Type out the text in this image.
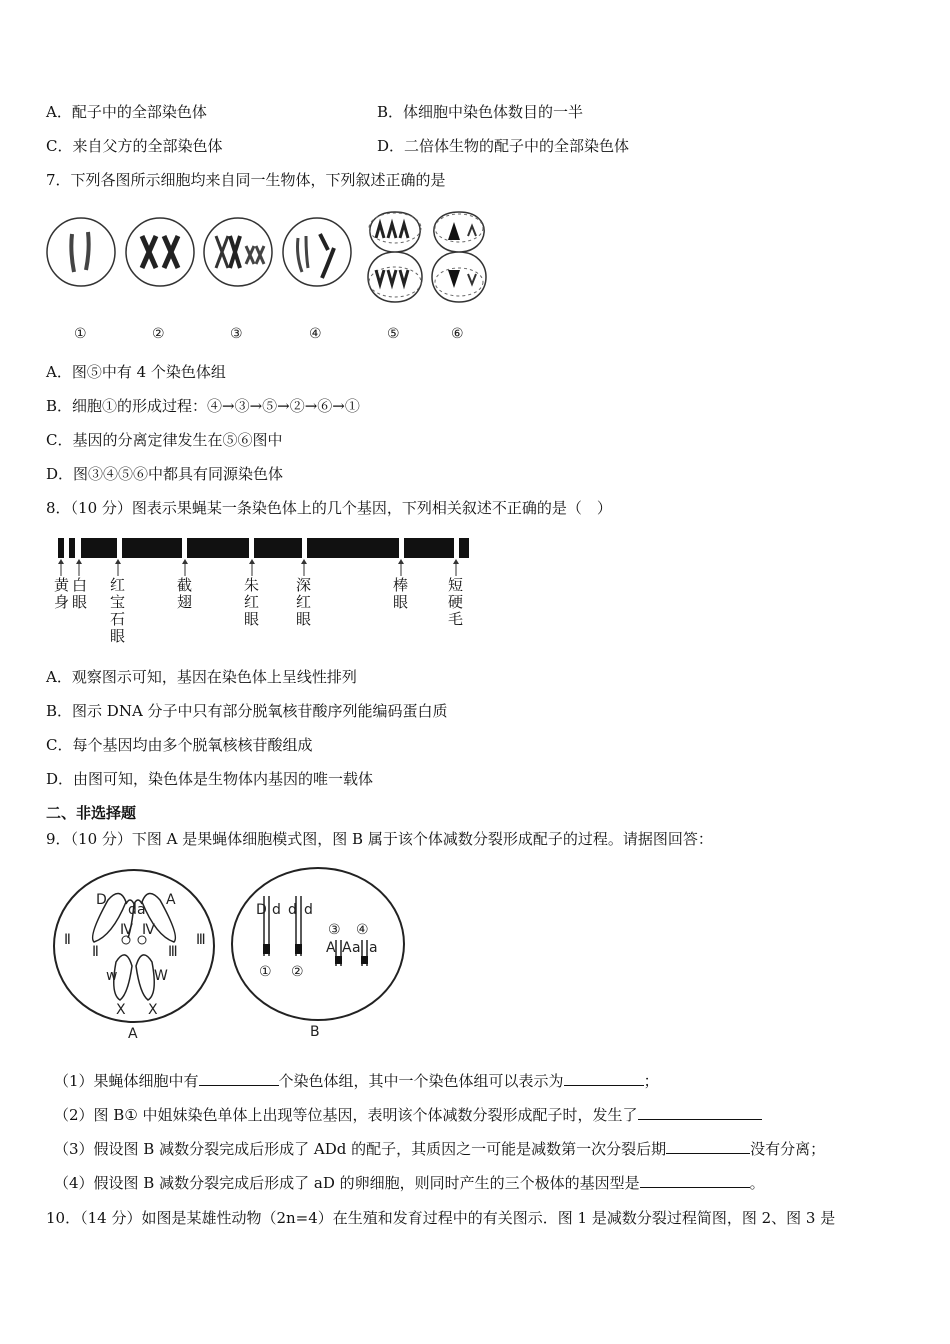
A．配子中的全部染色体	B．体细胞中染色体数目的一半
C．来自父方的全部染色体	D．二倍体生物的配子中的全部染色体
7．下列各图所示细胞均来自同一生物体，下列叙述正确的是
①	②	③	④	⑤	⑥
A．图⑤中有 4 个染色体组
B．细胞①的形成过程：④→③→⑤→②→⑥→①
C．基因的分离定律发生在⑤⑥图中
D．图③④⑤⑥中都具有同源染色体
8．（10 分）图表示果蝇某一条染色体上的几个基因，下列相关叙述不正确的是（　）
黄身
白眼
红宝石眼
截翅
朱红眼
深红眼
棒眼
短硬毛
A．观察图示可知，基因在染色体上呈线性排列
B．图示 DNA 分子中只有部分脱氧核苷酸序列能编码蛋白质
C．每个基因均由多个脱氧核核苷酸组成
D．由图可知，染色体是生物体内基因的唯一载体
二、非选择题
9．（10 分）下图 A 是果蝇体细胞模式图，图 B 属于该个体减数分裂形成配子的过程。请据图回答：
D
d a
A
Ⅱ
Ⅱ
Ⅳ Ⅳ
Ⅲ
Ⅲ
w	W
X X
A
D d d d
③ ④
A A a a
① ②
B
（1）果蝇体细胞中有	个染色体组，其中一个染色体组可以表示为	；
（2）图 B① 中姐妹染色单体上出现等位基因，表明该个体减数分裂形成配子时，发生了
（3）假设图 B 减数分裂完成后形成了 ADd 的配子，其质因之一可能是减数第一次分裂后期	没有分离；
（4）假设图 B 减数分裂完成后形成了 aD 的卵细胞，则同时产生的三个极体的基因型是	。
10．（14 分）如图是某雄性动物（2n=4）在生殖和发育过程中的有关图示．图 1 是减数分裂过程简图，图 2、图 3 是
